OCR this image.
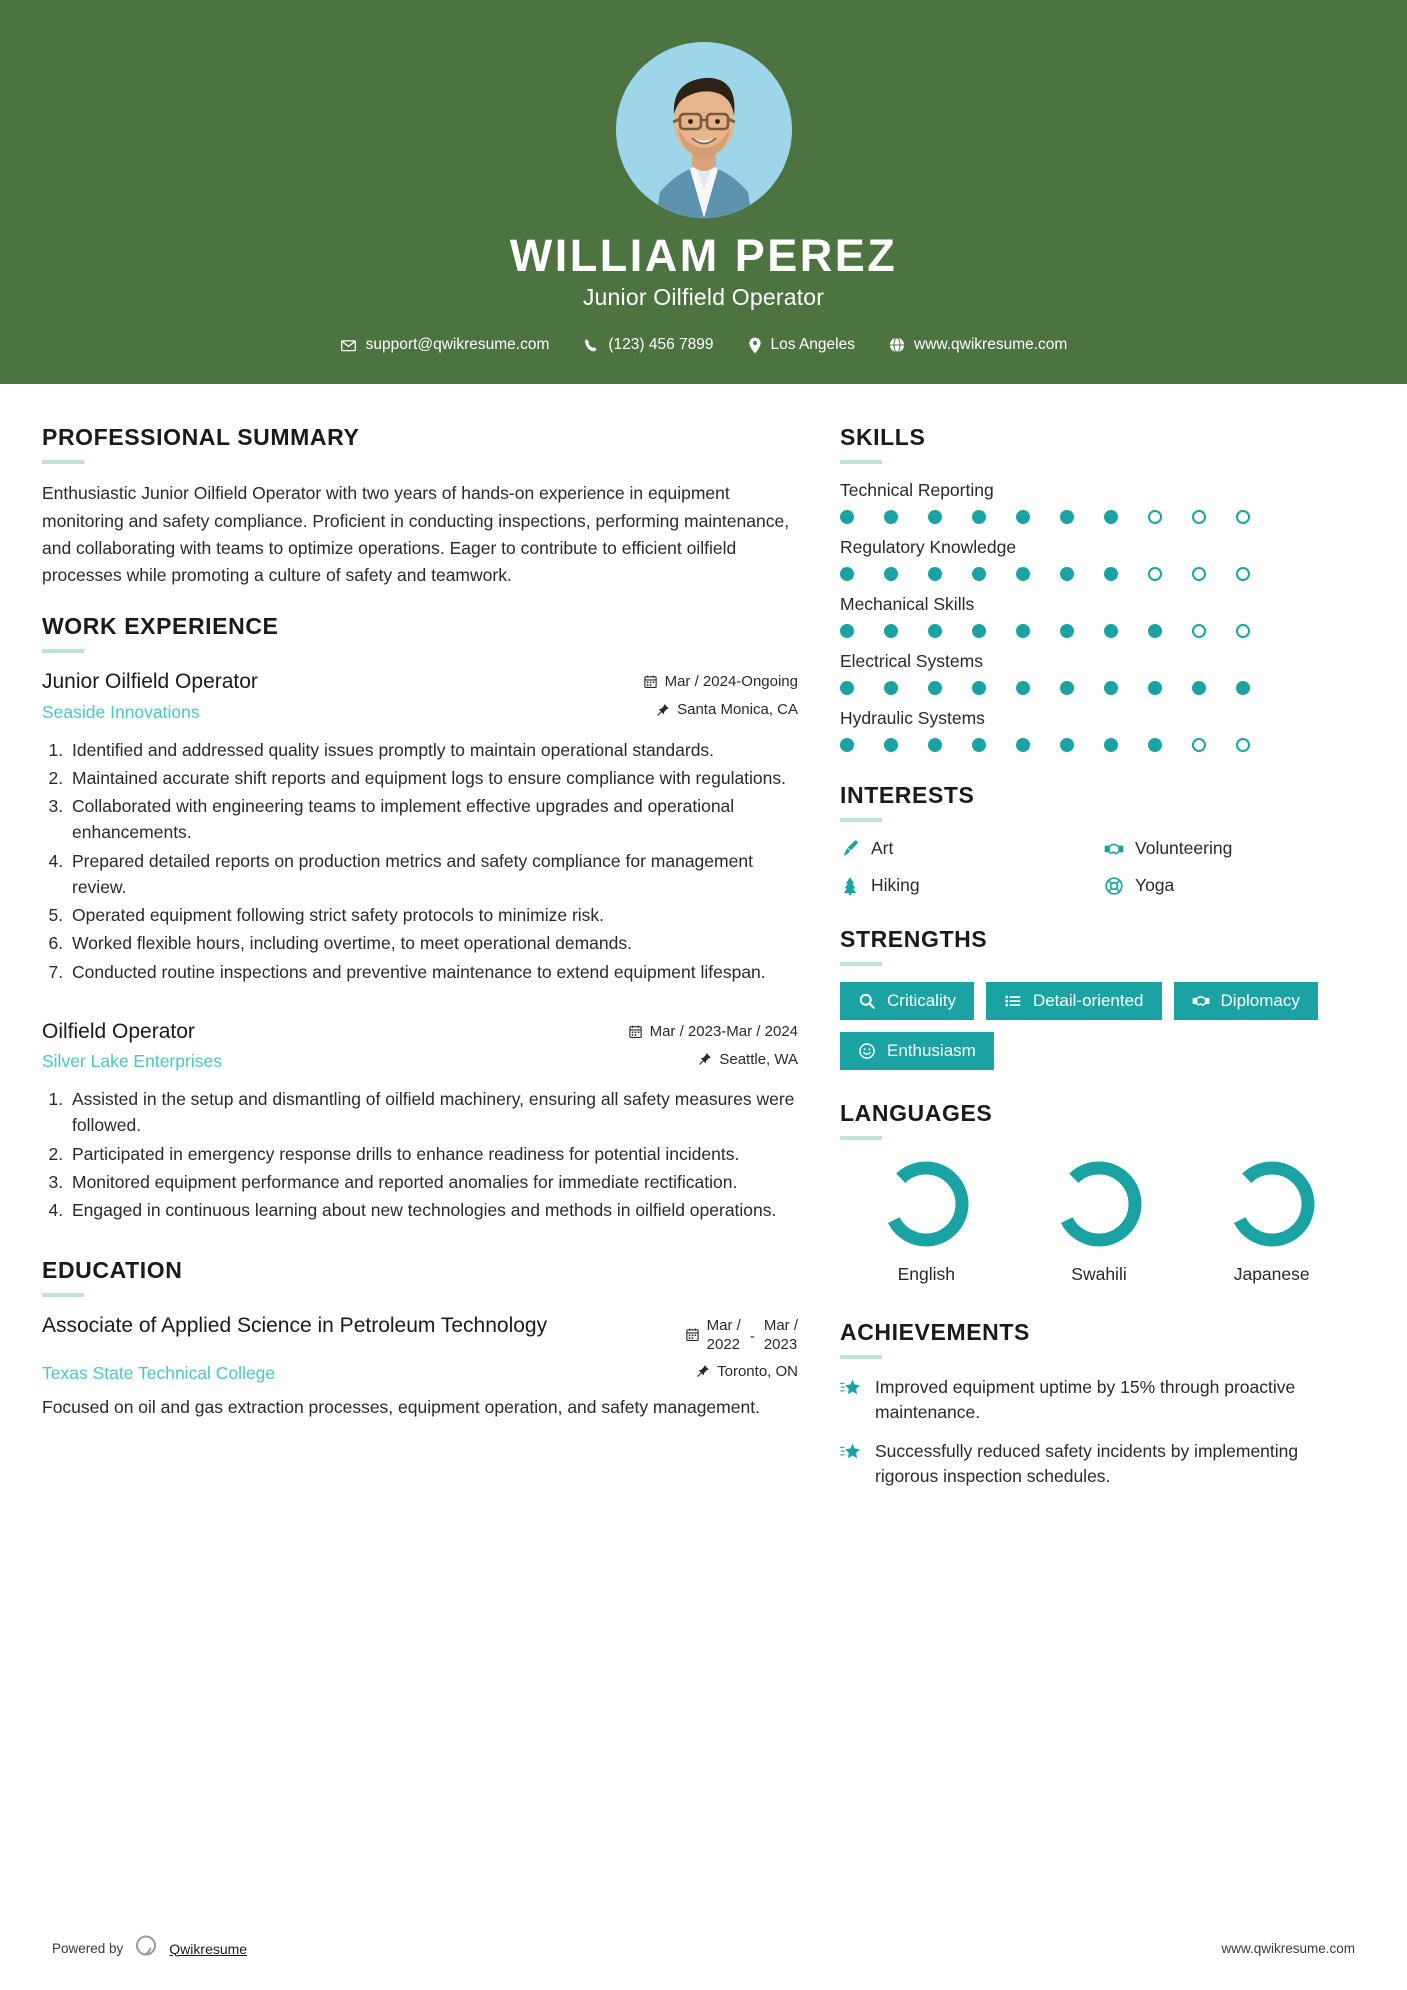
WILLIAM PEREZ
Junior Oilfield Operator
support@qwikresume.com	(123) 456 7899	Los Angeles	www.qwikresume.com
PROFESSIONAL SUMMARY
Enthusiastic Junior Oilfield Operator with two years of hands-on experience in equipment monitoring and safety compliance. Proficient in conducting inspections, performing maintenance, and collaborating with teams to optimize operations. Eager to contribute to efficient oilfield processes while promoting a culture of safety and teamwork.
WORK EXPERIENCE
Junior Oilfield Operator
Seaside Innovations
Mar / 2024-Ongoing
Santa Monica, CA
1. Identified and addressed quality issues promptly to maintain operational standards.
2. Maintained accurate shift reports and equipment logs to ensure compliance with regulations.
3. Collaborated with engineering teams to implement effective upgrades and operational enhancements.
4. Prepared detailed reports on production metrics and safety compliance for management review.
5. Operated equipment following strict safety protocols to minimize risk.
6. Worked flexible hours, including overtime, to meet operational demands.
7. Conducted routine inspections and preventive maintenance to extend equipment lifespan.
Oilfield Operator
Silver Lake Enterprises
Mar / 2023-Mar / 2024
Seattle, WA
1. Assisted in the setup and dismantling of oilfield machinery, ensuring all safety measures were followed.
2. Participated in emergency response drills to enhance readiness for potential incidents.
3. Monitored equipment performance and reported anomalies for immediate rectification.
4. Engaged in continuous learning about new technologies and methods in oilfield operations.
EDUCATION
Associate of Applied Science in Petroleum Technology	Mar /
2022 -
Mar /
2023
Texas State Technical College	Toronto, ON
Focused on oil and gas extraction processes, equipment operation, and safety management.
SKILLS
Technical Reporting
Regulatory Knowledge
Mechanical Skills
Electrical Systems
Hydraulic Systems
INTERESTS
Art	Volunteering
Hiking	Yoga
STRENGTHS
Criticality	Detail-oriented	Diplomacy
Enthusiasm
LANGUAGES
English	Swahili	Japanese
ACHIEVEMENTS
Improved equipment uptime by 15% through proactive maintenance.
Successfully reduced safety incidents by implementing rigorous inspection schedules.
Powered by	Qwikresume	www.qwikresume.com
